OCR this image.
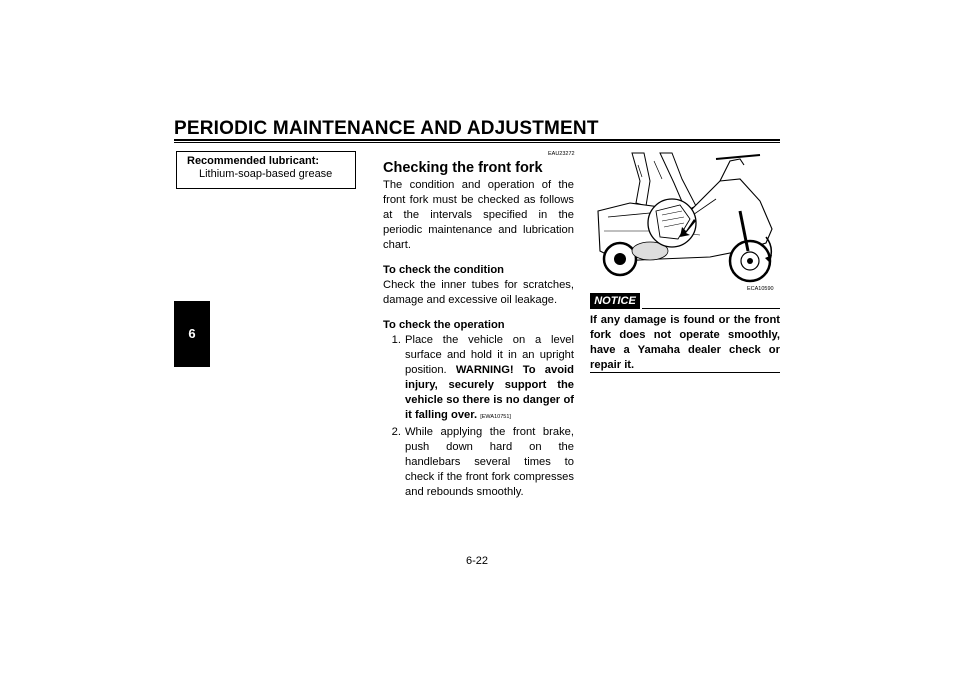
PERIODIC MAINTENANCE AND ADJUSTMENT
6
Recommended lubricant:
Lithium-soap-based grease
EAU23272
Checking the front fork

The condition and operation of the front fork must be checked as follows at the intervals specified in the periodic maintenance and lubrication chart.

To check the condition

Check the inner tubes for scratches, damage and excessive oil leakage.

To check the operation

1. Place the vehicle on a level surface and hold it in an upright position. WARNING! To avoid injury, securely support the vehicle so there is no danger of it falling over. [EWA10751]
2. While applying the front brake, push down hard on the handlebars several times to check if the front fork compresses and rebounds smoothly.
ECA10590
NOTICE
If any damage is found or the front fork does not operate smoothly, have a Yamaha dealer check or repair it.
6-22
